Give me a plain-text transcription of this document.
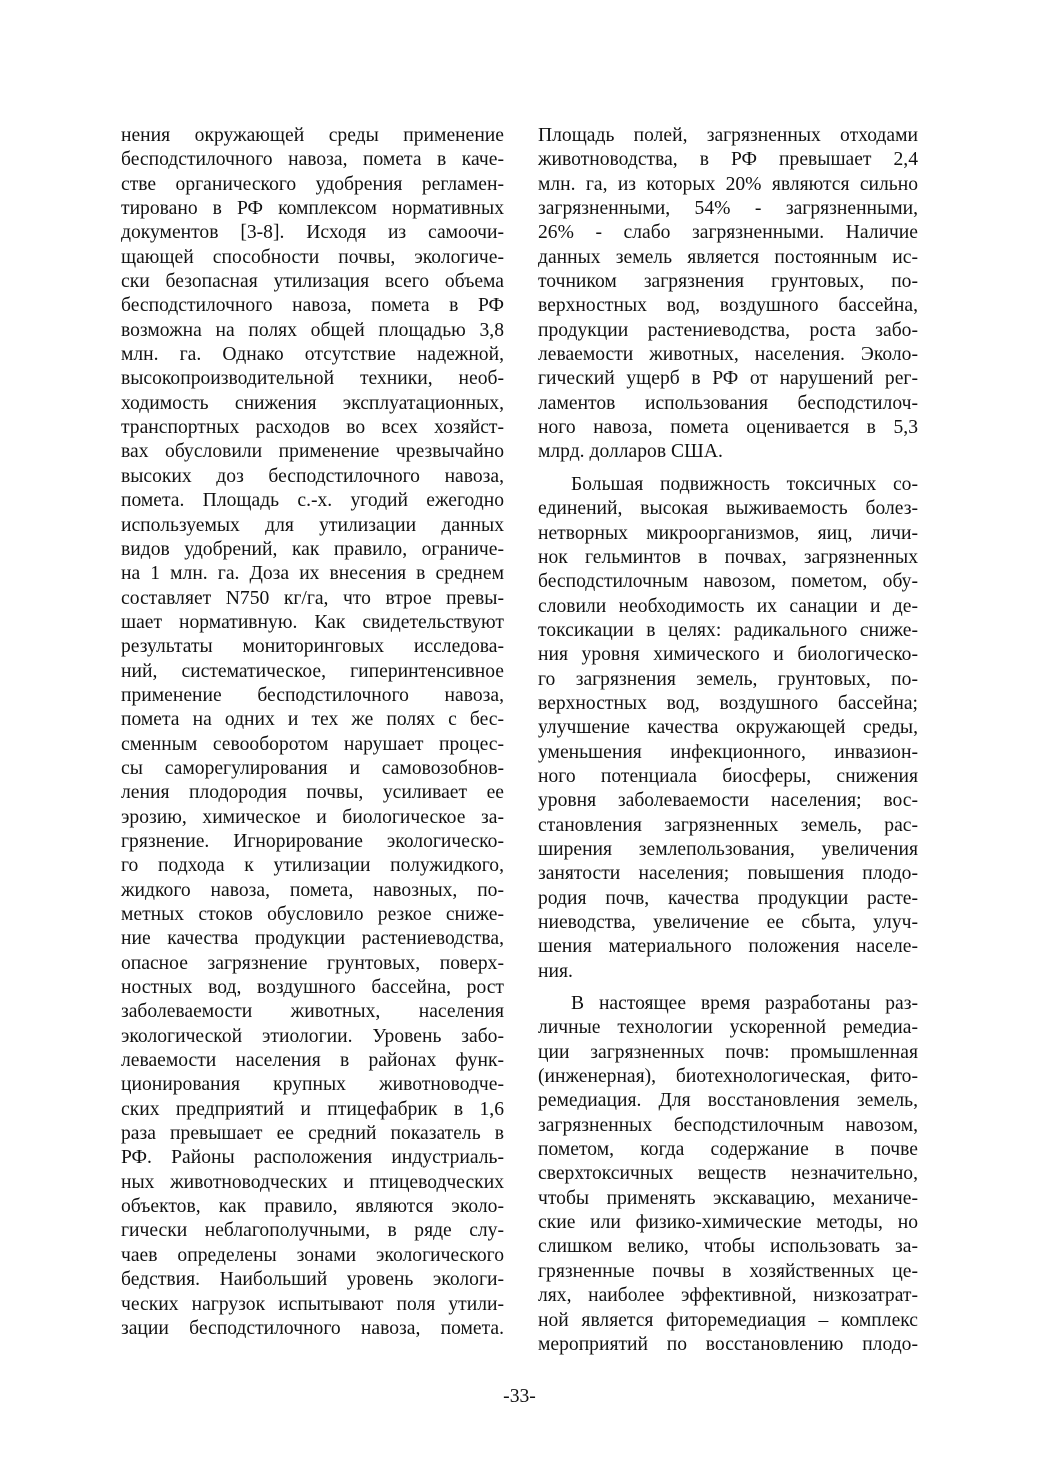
нения окружающей среды применение
бесподстилочного навоза, помета в каче-
стве органического удобрения регламен-
тировано в РФ комплексом нормативных
документов [3-8]. Исходя из самоочи-
щающей способности почвы, экологиче-
ски безопасная утилизация всего объема
бесподстилочного навоза, помета в РФ
возможна на полях общей площадью 3,8
млн. га. Однако отсутствие надежной,
высокопроизводительной техники, необ-
ходимость снижения эксплуатационных,
транспортных расходов во всех хозяйст-
вах обусловили применение чрезвычайно
высоких доз бесподстилочного навоза,
помета. Площадь с.-х. угодий ежегодно
используемых для утилизации данных
видов удобрений, как правило, ограниче-
на 1 млн. га. Доза их внесения в среднем
составляет N750 кг/га, что втрое превы-
шает нормативную. Как свидетельствуют
результаты мониторинговых исследова-
ний, систематическое, гиперинтенсивное
применение бесподстилочного навоза,
помета на одних и тех же полях с бес-
сменным севооборотом нарушает процес-
сы саморегулирования и самовозобнов-
ления плодородия почвы, усиливает ее
эрозию, химическое и биологическое за-
грязнение. Игнорирование экологическо-
го подхода к утилизации полужидкого,
жидкого навоза, помета, навозных, по-
метных стоков обусловило резкое сниже-
ние качества продукции растениеводства,
опасное загрязнение грунтовых, поверх-
ностных вод, воздушного бассейна, рост
заболеваемости животных, населения
экологической этиологии. Уровень забо-
леваемости населения в районах функ-
ционирования крупных животноводче-
ских предприятий и птицефабрик в 1,6
раза превышает ее средний показатель в
РФ. Районы расположения индустриаль-
ных животноводческих и птицеводческих
объектов, как правило, являются эколо-
гически неблагополучными, в ряде слу-
чаев определены зонами экологического
бедствия. Наибольший уровень экологи-
ческих нагрузок испытывают поля утили-
зации бесподстилочного навоза, помета.
Площадь полей, загрязненных отходами
животноводства, в РФ превышает 2,4
млн. га, из которых 20% являются сильно
загрязненными, 54% - загрязненными,
26% - слабо загрязненными. Наличие
данных земель является постоянным ис-
точником загрязнения грунтовых, по-
верхностных вод, воздушного бассейна,
продукции растениеводства, роста забо-
леваемости животных, населения. Эколо-
гический ущерб в РФ от нарушений рег-
ламентов использования бесподстилоч-
ного навоза, помета оценивается в 5,3
млрд. долларов США.
Большая подвижность токсичных со-
единений, высокая выживаемость болез-
нетворных микроорганизмов, яиц, личи-
нок гельминтов в почвах, загрязненных
бесподстилочным навозом, пометом, обу-
словили необходимость их санации и де-
токсикации в целях: радикального сниже-
ния уровня химического и биологическо-
го загрязнения земель, грунтовых, по-
верхностных вод, воздушного бассейна;
улучшение качества окружающей среды,
уменьшения инфекционного, инвазион-
ного потенциала биосферы, снижения
уровня заболеваемости населения; вос-
становления загрязненных земель, рас-
ширения землепользования, увеличения
занятости населения; повышения плодо-
родия почв, качества продукции расте-
ниеводства, увеличение ее сбыта, улуч-
шения материального положения населе-
ния.
В настоящее время разработаны раз-
личные технологии ускоренной ремедиа-
ции загрязненных почв: промышленная
(инженерная), биотехнологическая, фито-
ремедиация. Для восстановления земель,
загрязненных бесподстилочным навозом,
пометом, когда содержание в почве
сверхтоксичных веществ незначительно,
чтобы применять экскавацию, механиче-
ские или физико-химические методы, но
слишком велико, чтобы использовать за-
грязненные почвы в хозяйственных це-
лях, наиболее эффективной, низкозатрат-
ной является фиторемедиация – комплекс
мероприятий по восстановлению плодо-
-33-
